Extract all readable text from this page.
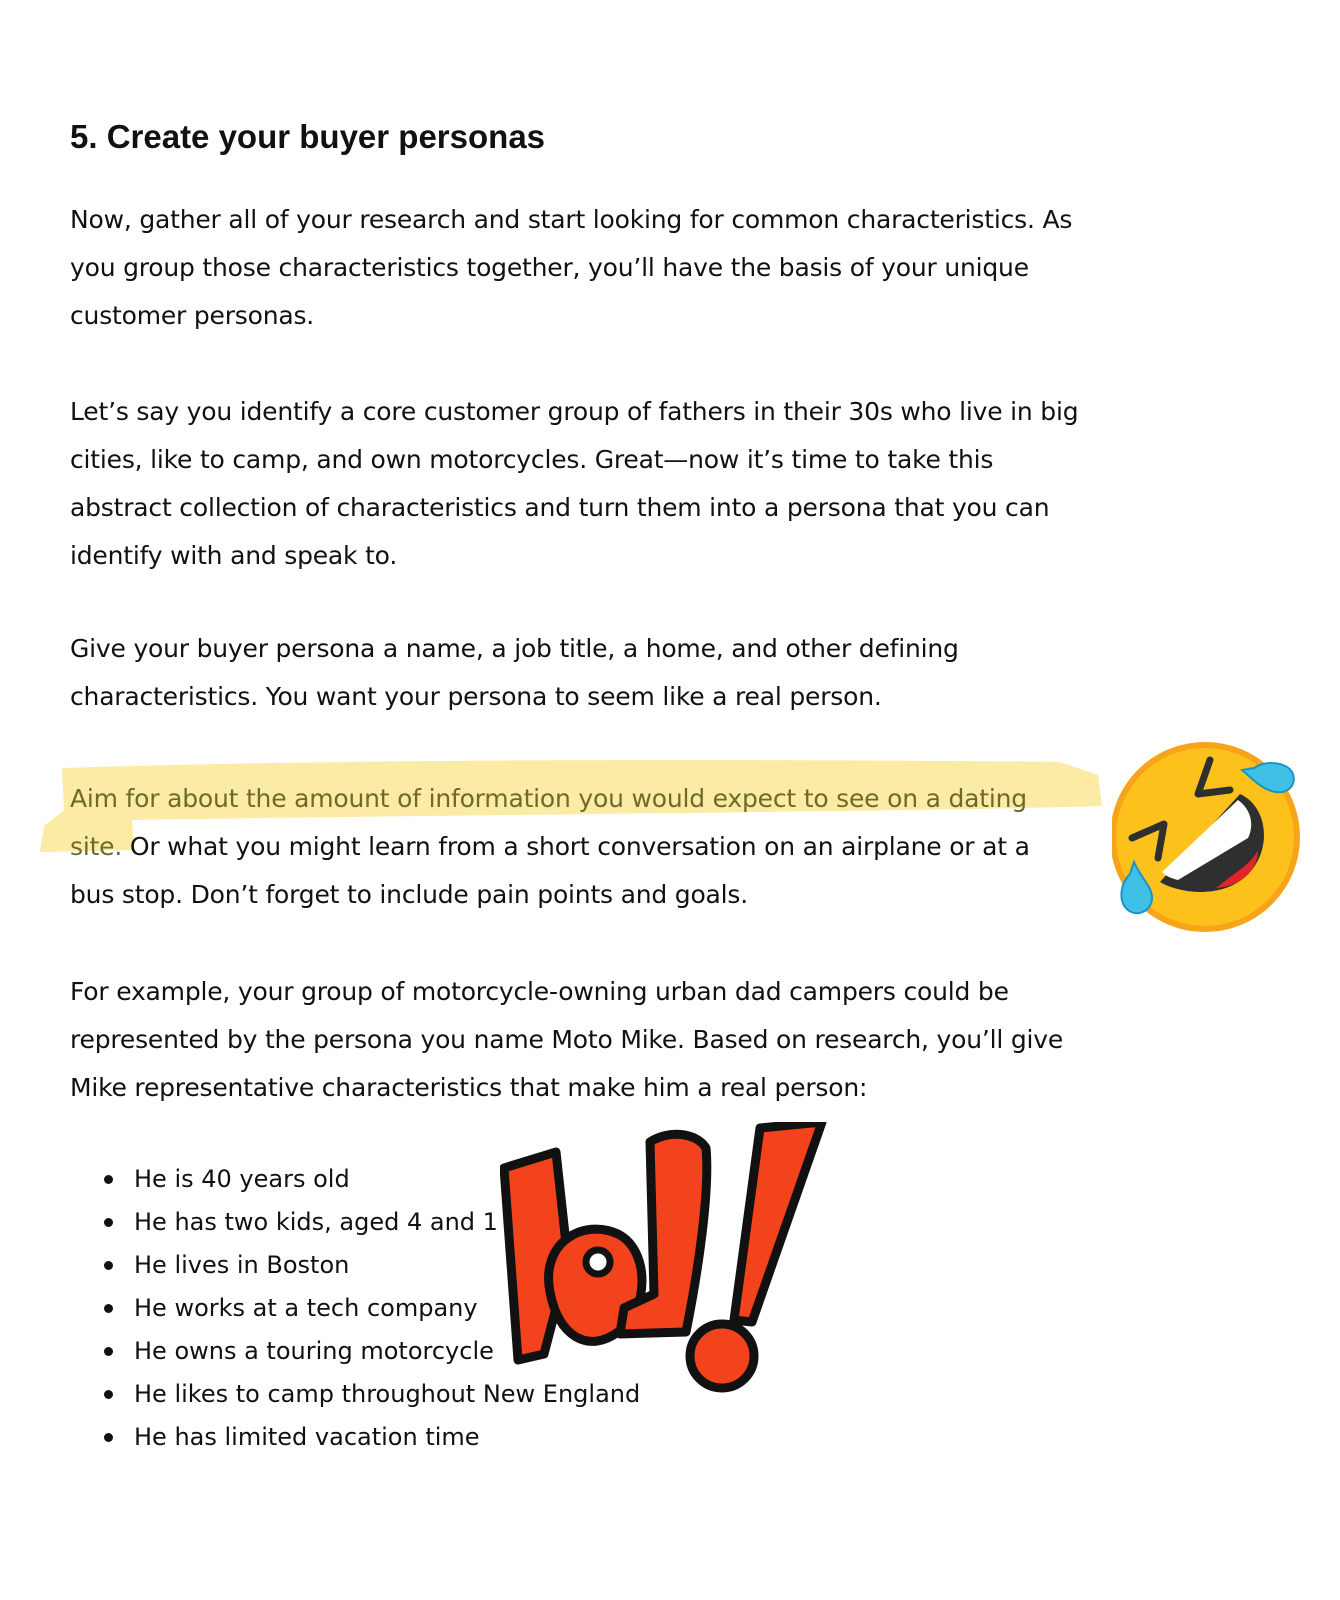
5. Create your buyer personas

Now, gather all of your research and start looking for common characteristics. As
you group those characteristics together, you’ll have the basis of your unique
customer personas.

Let’s say you identify a core customer group of fathers in their 30s who live in big
cities, like to camp, and own motorcycles. Great—now it’s time to take this
abstract collection of characteristics and turn them into a persona that you can
identify with and speak to.

Give your buyer persona a name, a job title, a home, and other defining
characteristics. You want your persona to seem like a real person.

Aim for about the amount of information you would expect to see on a dating
site. Or what you might learn from a short conversation on an airplane or at a
bus stop. Don’t forget to include pain points and goals.

For example, your group of motorcycle-owning urban dad campers could be
represented by the persona you name Moto Mike. Based on research, you’ll give
Mike representative characteristics that make him a real person:

He is 40 years old
He has two kids, aged 4 and 1
He lives in Boston
He works at a tech company
He owns a touring motorcycle
He likes to camp throughout New England
He has limited vacation time
